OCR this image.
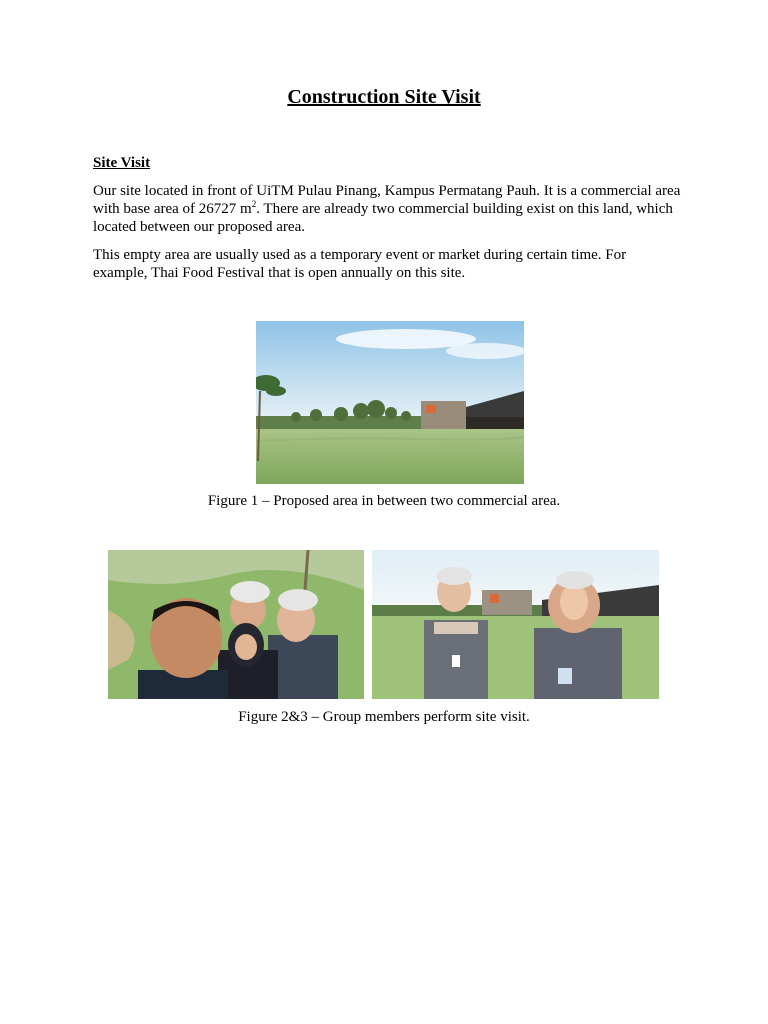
Construction Site Visit
Site Visit

Our site located in front of UiTM Pulau Pinang, Kampus Permatang Pauh. It is a commercial area with base area of 26727 $m^2$. There are already two commercial building exist on this land, which located between our proposed area.

This empty area are usually used as a temporary event or market during certain time. For example, Thai Food Festival that is open annually on this site.

Figure 1 – Proposed area in between two commercial area.

Figure 2&3 – Group members perform site visit.
